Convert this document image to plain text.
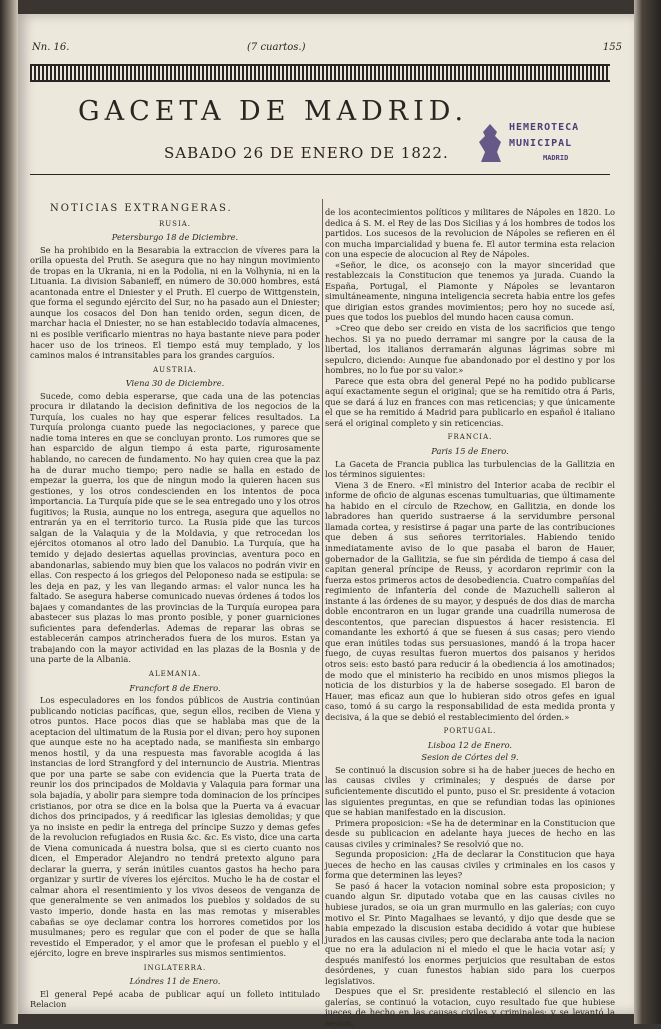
Nn. 16.	(7 cuartos.)	155
GACETA DE MADRID.
SABADO 26 DE ENERO DE 1822.
HEMEROTECA
MUNICIPAL
MADRID
NOTICIAS EXTRANGERAS.
RUSIA.
Petersburgo 18 de Diciembre.

Se ha prohibido en la Besarabia la extraccion de víveres para la orilla opuesta del Pruth. Se asegura que no hay ningun movimiento de tropas en la Ukrania, ni en la Podolia, ni en la Volhynia, ni en la Lituania. La division Sabanieff, en número de 30.000 hombres, está acantonada entre el Dniester y el Pruth. El cuerpo de Wittgenstein, que forma el segundo ejército del Sur, no ha pasado aun el Dniester; aunque los cosacos del Don han tenido orden, segun dicen, de marchar hacia el Dniester, no se han establecido todavía almacenes, ni es posible verificarlo mientras no haya bastante nieve para poder hacer uso de los trineos. El tiempo está muy templado, y los caminos malos é intransitables para los grandes carguíos.

AUSTRIA.
Viena 30 de Diciembre.

Sucede, como debia esperarse, que cada una de las potencias procura ir dilatando la decision definitiva de los negocios de la Turquía, los cuales no hay que esperar felices resultados. La Turquía prolonga cuanto puede las negociaciones, y parece que nadie toma interes en que se concluyan pronto. Los rumores que se han esparcido de algun tiempo á esta parte, rigurosamente hablando, no carecen de fundamento. No hay quien crea que la paz ha de durar mucho tiempo; pero nadie se halla en estado de empezar la guerra, los que de ningun modo la quieren hacen sus gestiones, y los otros condescienden en los intentos de poca importancia. La Turquía pide que se le sea entregado uno y los otros fugitivos; la Rusia, aunque no los entrega, asegura que aquellos no entrarán ya en el territorio turco. La Rusia pide que las turcos salgan de la Valaquia y de la Moldavia, y que retrocedan los ejércitos otomanos al otro lado del Danubio. La Turquía, que ha temido y dejado desiertas aquellas provincias, aventura poco en abandonarlas, sabiendo muy bien que los valacos no podrán vivir en ellas. Con respecto á los griegos del Peloponeso nada se estipula: se les deja en paz, y les van llegando armas: el valor nunca les ha faltado. Se asegura haberse comunicado nuevas órdenes á todos los bajaes y comandantes de las provincias de la Turquía europea para abastecer sus plazas lo mas pronto posible, y poner guarniciones suficientes para defenderlas. Ademas de reparar las obras se establecerán campos atrincherados fuera de los muros. Estan ya trabajando con la mayor actividad en las plazas de la Bosnia y de una parte de la Albania.

ALEMANIA.
Francfort 8 de Enero.

Los especuladores en los fondos públicos de Austria continúan publicando noticias pacíficas, que, segun ellos, reciben de Viena y otros puntos. Hace pocos dias que se hablaba mas que de la aceptacion del ultimatum de la Rusia por el divan; pero hoy suponen que aunque este no ha aceptado nada, se manifiesta sin embargo menos hostil, y da una respuesta mas favorable acogida á las instancias de lord Strangford y del internuncio de Austria. Mientras que por una parte se sabe con evidencia que la Puerta trata de reunir los dos principados de Moldavia y Valaquia para formar una sola bajadía, y abolir para siempre toda dominacion de los príncipes cristianos, por otra se dice en la bolsa que la Puerta va á evacuar dichos dos principados, y á reedificar las iglesias demolidas; y que ya no insiste en pedir la entrega del príncipe Suzzo y demas gefes de la revolucion refugiados en Rusia &c. &c. Es visto, dice una carta de Viena comunicada á nuestra bolsa, que si es cierto cuanto nos dicen, el Emperador Alejandro no tendrá pretexto alguno para declarar la guerra, y serán inútiles cuantos gastos ha hecho para organizar y surtir de víveres los ejércitos. Mucho le ha de costar el calmar ahora el resentimiento y los vivos deseos de venganza de que generalmente se ven animados los pueblos y soldados de su vasto imperio, donde hasta en las mas remotas y miserables cabañas se oye declamar contra los horrores cometidos por los musulmanes; pero es regular que con el poder de que se halla revestido el Emperador, y el amor que le profesan el pueblo y el ejército, logre en breve inspirarles sus mismos sentimientos.

INGLATERRA.
Lóndres 11 de Enero.

El general Pepé acaba de publicar aquí un folleto intitulado Relacion

de los acontecimientos políticos y militares de Nápoles en 1820. Lo dedica á S. M. el Rey de las Dos Sicilias y á los hombres de todos los partidos. Los sucesos de la revolucion de Nápoles se refieren en él con mucha imparcialidad y buena fe. El autor termina esta relacion con una especie de alocucion al Rey de Nápoles.

«Señor, le dice, os aconsejo con la mayor sinceridad que restablezcais la Constitucion que tenemos ya jurada. Cuando la España, Portugal, el Piamonte y Nápoles se levantaron simultáneamente, ninguna inteligencia secreta habia entre los gefes que dirigian estos grandes movimientos; pero hoy no sucede así, pues que todos los pueblos del mundo hacen causa comun.

»Creo que debo ser creido en vista de los sacrificios que tengo hechos. Si ya no puedo derramar mi sangre por la causa de la libertad, los italianos derramarán algunas lágrimas sobre mi sepulcro, diciendo: Aunque fue abandonado por el destino y por los hombres, no lo fue por su valor.»

Parece que esta obra del general Pepé no ha podido publicarse aquí exactamente segun el original; que se ha remitido otra á Paris, que se dará á luz en frances con mas reticencias; y que únicamente el que se ha remitido á Madrid para publicarlo en español é italiano será el original completo y sin reticencias.

FRANCIA.
Paris 15 de Enero.

La Gaceta de Francia publica las turbulencias de la Gallitzia en los términos siguientes:

Viena 3 de Enero. «El ministro del Interior acaba de recibir el informe de oficio de algunas escenas tumultuarias, que últimamente ha habido en el círculo de Rzechow, en Gallitzia, en donde los labradores han querido sustraerse á la servidumbre personal llamada cortea, y resistirse á pagar una parte de las contribuciones que deben á sus señores territoriales. Habiendo tenido inmediatamente aviso de lo que pasaba el baron de Hauer, gobernador de la Gallitzia, se fue sin pérdida de tiempo á casa del capitan general príncipe de Reuss, y acordaron reprimir con la fuerza estos primeros actos de desobediencia. Cuatro compañías del regimiento de infantería del conde de Mazuchelli salieron al instante á las órdenes de su mayor, y después de dos dias de marcha doble encontraron en un lugar grande una cuadrilla numerosa de descontentos, que parecian dispuestos á hacer resistencia. El comandante les exhortó á que se fuesen á sus casas; pero viendo que eran inútiles todas sus persuasiones, mandó á la tropa hacer fuego, de cuyas resultas fueron muertos dos paisanos y heridos otros seis: esto bastó para reducir á la obediencia á los amotinados; de modo que el ministerio ha recibido en unos mismos pliegos la noticia de los disturbios y la de haberse sosegado. El baron de Hauer, mas eficaz aun que lo hubieran sido otros gefes en igual caso, tomó á su cargo la responsabilidad de esta medida pronta y decisiva, á la que se debió el restablecimiento del órden.»

PORTUGAL.
Lisboa 12 de Enero.
Sesion de Córtes del 9.

Se continuó la discusion sobre si ha de haber jueces de hecho en las causas civiles y criminales; y después de darse por suficientemente discutido el punto, puso el Sr. presidente á votacion las siguientes preguntas, en que se refundian todas las opiniones que se habian manifestado en la discusion.

Primera proposicion: «Se ha de determinar en la Constitucion que desde su publicacion en adelante haya jueces de hecho en las causas civiles y criminales? Se resolvió que no.

Segunda proposicion: ¿Ha de declarar la Constitucion que haya jueces de hecho en las causas civiles y criminales en los casos y forma que determinen las leyes?

Se pasó á hacer la votacion nominal sobre esta proposicion; y cuando algun Sr. diputado votaba que en las causas civiles no hubiese jurados, se oia un gran murmullo en las galerías; con cuyo motivo el Sr. Pinto Magalhaes se levantó, y dijo que desde que se habia empezado la discusion estaba decidido á votar que hubiese jurados en las causas civiles; pero que declaraba ante toda la nacion que no era la adulacion ni el miedo el que le hacia votar así; y después manifestó los enormes perjuicios que resultaban de estos desórdenes, y cuan funestos habian sido para los cuerpos legislativos.

Despues que el Sr. presidente restableció el silencio en las galerías, se continuó la votacion, cuyo resultado fue que hubiese jueces de hecho en las causas civiles y criminales; y se levantó la sesion.
